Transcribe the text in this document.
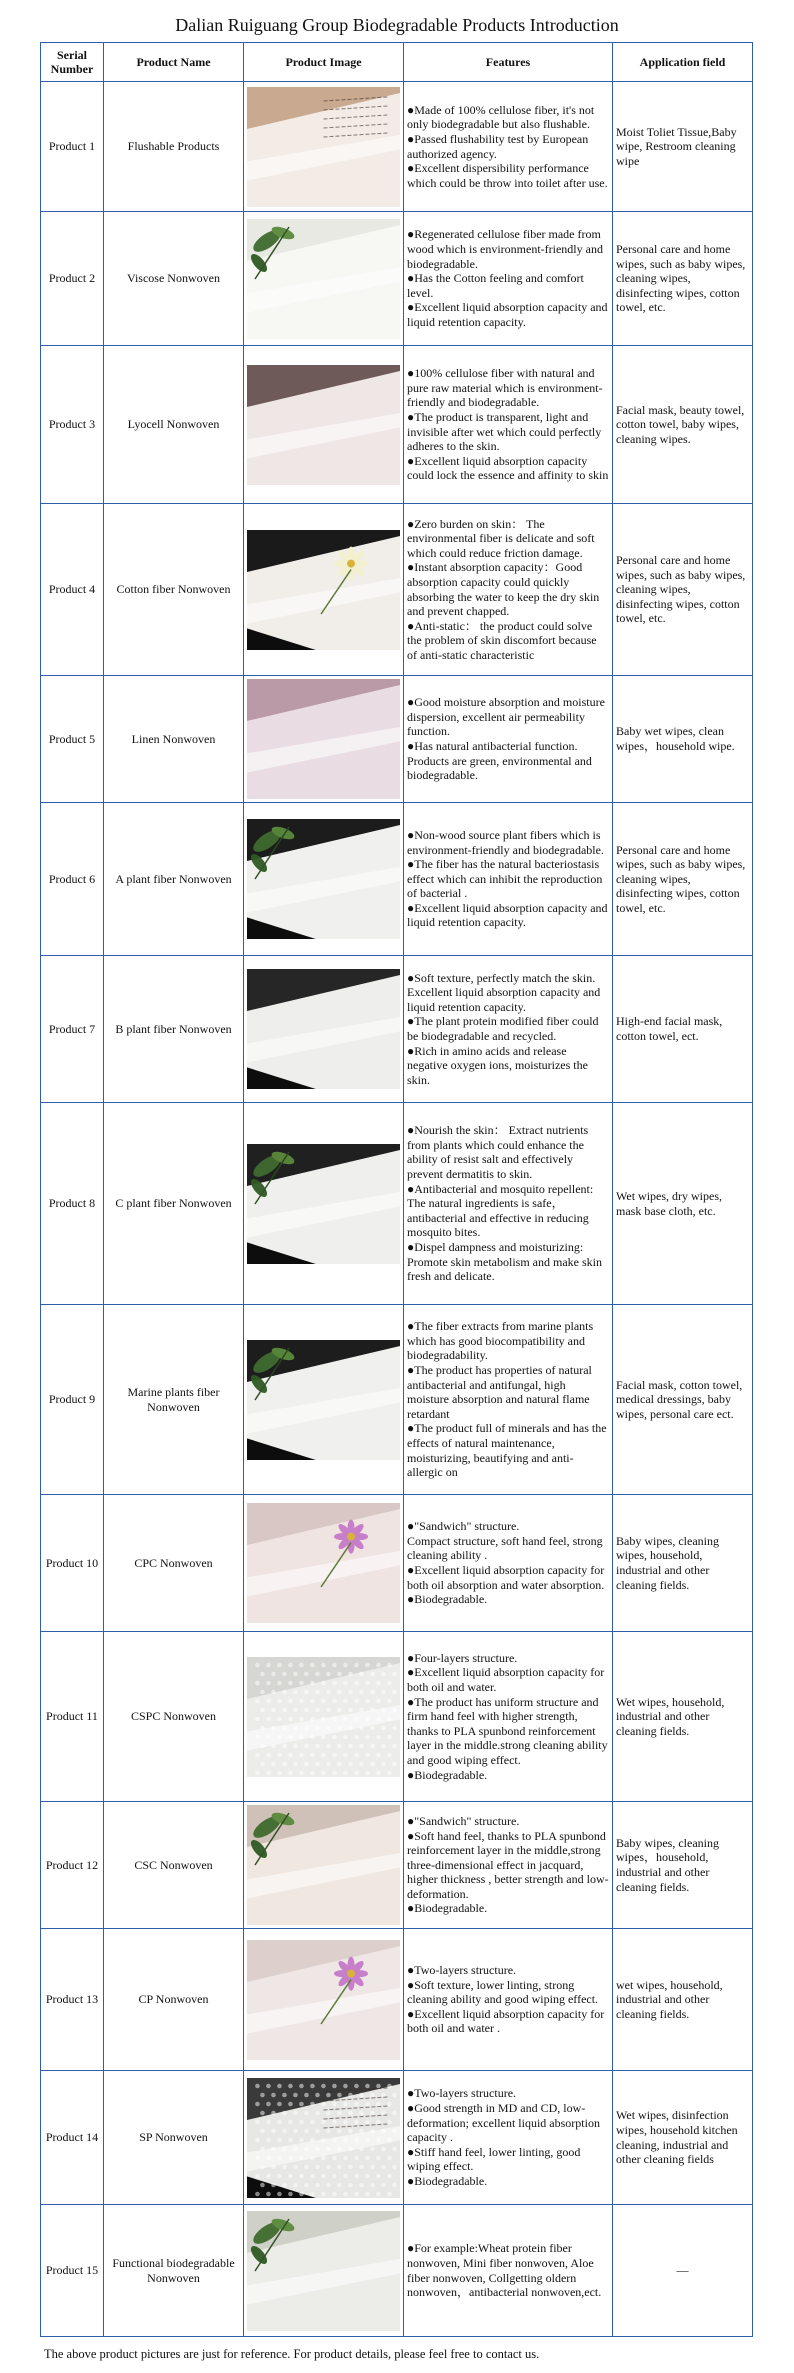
Dalian Ruiguang Group Biodegradable Products Introduction
Serial Number	Product Name	Product Image	Features	Application field
Product 1	Flushable Products		●Made of 100% cellulose fiber, it's not only biodegradable but also flushable.
●Passed flushability test by European authorized agency.
●Excellent dispersibility performance which could be throw into toilet after use.	Moist Toliet Tissue,Baby wipe, Restroom cleaning wipe
Product 2	Viscose Nonwoven		●Regenerated cellulose fiber made from wood which is environment-friendly and biodegradable.
●Has the Cotton feeling and comfort level.
●Excellent liquid absorption capacity and liquid retention capacity.	Personal care and home wipes, such as baby wipes, cleaning wipes, disinfecting wipes, cotton towel, etc.
Product 3	Lyocell Nonwoven		●100% cellulose fiber with natural and pure raw material which is environment-friendly and biodegradable.
●The product is transparent, light and invisible after wet which could perfectly adheres to the skin.
●Excellent liquid absorption capacity could lock the essence and affinity to skin	Facial mask, beauty towel, cotton towel, baby wipes, cleaning wipes.
Product 4	Cotton fiber Nonwoven		●Zero burden on skin： The environmental fiber is delicate and soft which could reduce friction damage.
●Instant absorption capacity：Good absorption capacity could quickly absorbing the water to keep the dry skin and prevent chapped.
●Anti-static： the product could solve the problem of skin discomfort because of anti-static characteristic	Personal care and home wipes, such as baby wipes, cleaning wipes, disinfecting wipes, cotton towel, etc.
Product 5	Linen Nonwoven		●Good moisture absorption and moisture dispersion, excellent air permeability function.
●Has natural antibacterial function. Products are green, environmental and biodegradable.	Baby wet wipes, clean wipes，household wipe.
Product 6	A plant fiber Nonwoven		●Non-wood source plant fibers which is environment-friendly and biodegradable.
●The fiber has the natural bacteriostasis effect which can inhibit the reproduction of bacterial .
●Excellent liquid absorption capacity and liquid retention capacity.	Personal care and home wipes, such as baby wipes, cleaning wipes, disinfecting wipes, cotton towel, etc.
Product 7	B plant fiber Nonwoven		●Soft texture, perfectly match the skin.
Excellent liquid absorption capacity and liquid retention capacity.
●The plant protein modified fiber could be biodegradable and recycled.
●Rich in amino acids and release negative oxygen ions, moisturizes the skin.	High-end facial mask, cotton towel, ect.
Product 8	C plant fiber Nonwoven		●Nourish the skin： Extract nutrients from plants which could enhance the ability of resist salt and effectively prevent dermatitis to skin.
●Antibacterial and mosquito repellent: The natural ingredients is safe， antibacterial and effective in reducing mosquito bites.
●Dispel dampness and moisturizing: Promote skin metabolism and make skin fresh and delicate.	Wet wipes, dry wipes, mask base cloth, etc.
Product 9	Marine plants fiber Nonwoven		●The fiber extracts from marine plants which has good biocompatibility and biodegradability.
●The product has properties of natural antibacterial and antifungal, high moisture absorption and natural flame retardant
●The product full of minerals and has the effects of natural maintenance, moisturizing, beautifying and anti-allergic on	Facial mask, cotton towel, medical dressings, baby wipes, personal care ect.
Product 10	CPC Nonwoven		●"Sandwich" structure.
Compact structure, soft hand feel, strong cleaning ability .
●Excellent liquid absorption capacity for both oil absorption and water absorption.
●Biodegradable.	Baby wipes, cleaning wipes, household, industrial and other cleaning fields.
Product 11	CSPC Nonwoven		●Four-layers structure.
●Excellent liquid absorption capacity for both oil and water.
●The product has uniform structure and firm hand feel with higher strength, thanks to PLA spunbond reinforcement layer in the middle.strong cleaning ability and good wiping effect.
●Biodegradable.	Wet wipes, household, industrial and other cleaning fields.
Product 12	CSC Nonwoven		●"Sandwich" structure.
●Soft hand feel, thanks to PLA spunbond reinforcement layer in the middle,strong three-dimensional effect in jacquard, higher thickness , better strength and low-deformation.
●Biodegradable.	Baby wipes, cleaning wipes，household, industrial and other cleaning fields.
Product 13	CP Nonwoven		●Two-layers structure.
●Soft texture, lower linting, strong cleaning ability and good wiping effect.
●Excellent liquid absorption capacity for both oil and water .	wet wipes, household, industrial and other cleaning fields.
Product 14	SP Nonwoven		●Two-layers structure.
●Good strength in MD and CD, low-deformation; excellent liquid absorption capacity .
●Stiff hand feel, lower linting, good wiping effect.
●Biodegradable.	Wet wipes, disinfection wipes, household kitchen cleaning, industrial and other cleaning fields
Product 15	Functional biodegradable Nonwoven		●For example:Wheat protein fiber nonwoven, Mini fiber nonwoven, Aloe fiber nonwoven, Collgetting oldern nonwoven，antibacterial nonwoven,ect.	—
The above product pictures are just for reference. For product details, please feel free to contact us.
